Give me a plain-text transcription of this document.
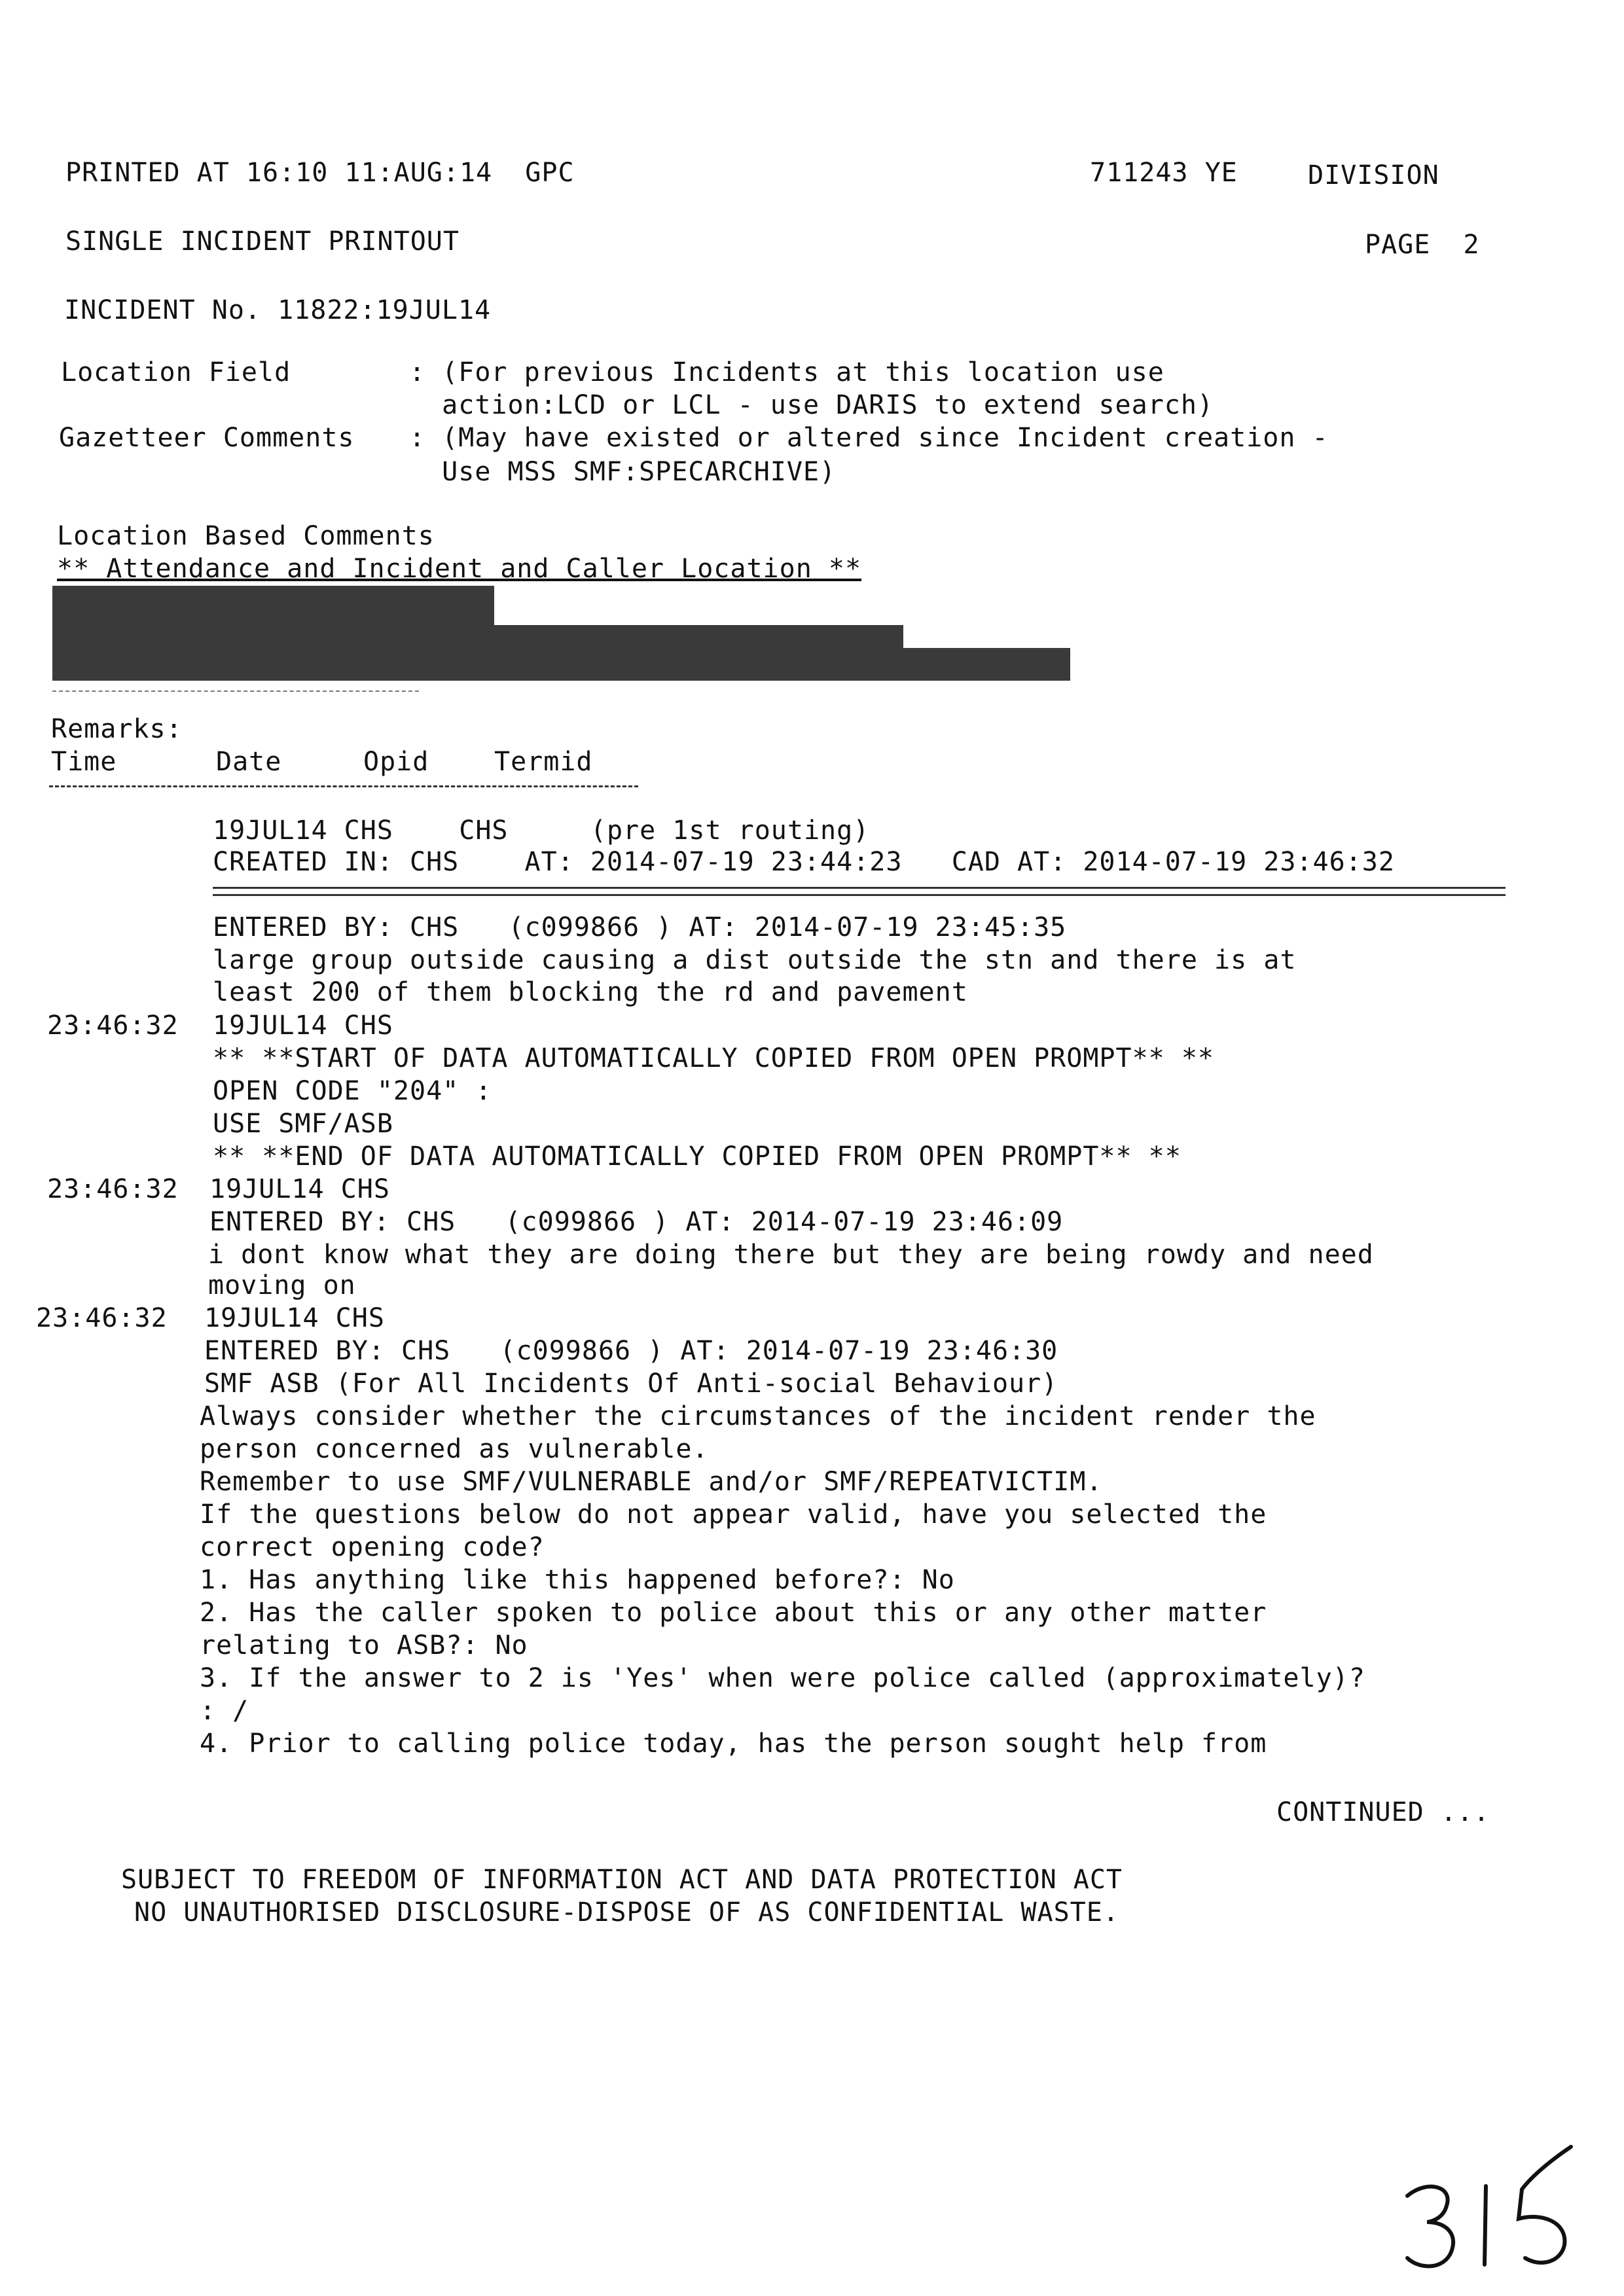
PRINTED AT 16:10 11:AUG:14  GPC	711243 YE	DIVISION
SINGLE INCIDENT PRINTOUT	PAGE  2
INCIDENT No. 11822:19JUL14
Location Field	: (For previous Incidents at this location use
action:LCD or LCL - use DARIS to extend search)
Gazetteer Comments : (May have existed or altered since Incident creation -
Use MSS SMF:SPECARCHIVE)
Location Based Comments
** Attendance and Incident and Caller Location **
Remarks:
Time	Date	Opid Termid
19JUL14 CHS    CHS     (pre 1st routing)
CREATED IN: CHS    AT: 2014-07-19 23:44:23   CAD AT: 2014-07-19 23:46:32
ENTERED BY: CHS   (c099866 ) AT: 2014-07-19 23:45:35
large group outside causing a dist outside the stn and there is at
least 200 of them blocking the rd and pavement
23:46:32 19JUL14 CHS
** **START OF DATA AUTOMATICALLY COPIED FROM OPEN PROMPT** **
OPEN CODE "204" :
USE SMF/ASB
** **END OF DATA AUTOMATICALLY COPIED FROM OPEN PROMPT** **
23:46:32 19JUL14 CHS
ENTERED BY: CHS   (c099866 ) AT: 2014-07-19 23:46:09
i dont know what they are doing there but they are being rowdy and need
moving on
23:46:32 19JUL14 CHS
ENTERED BY: CHS   (c099866 ) AT: 2014-07-19 23:46:30
SMF ASB (For All Incidents Of Anti-social Behaviour)
Always consider whether the circumstances of the incident render the
person concerned as vulnerable.
Remember to use SMF/VULNERABLE and/or SMF/REPEATVICTIM.
If the questions below do not appear valid, have you selected the
correct opening code?
1. Has anything like this happened before?: No
2. Has the caller spoken to police about this or any other matter
relating to ASB?: No
3. If the answer to 2 is 'Yes' when were police called (approximately)?
: /
4. Prior to calling police today, has the person sought help from
CONTINUED ...
SUBJECT TO FREEDOM OF INFORMATION ACT AND DATA PROTECTION ACT
NO UNAUTHORISED DISCLOSURE-DISPOSE OF AS CONFIDENTIAL WASTE.
